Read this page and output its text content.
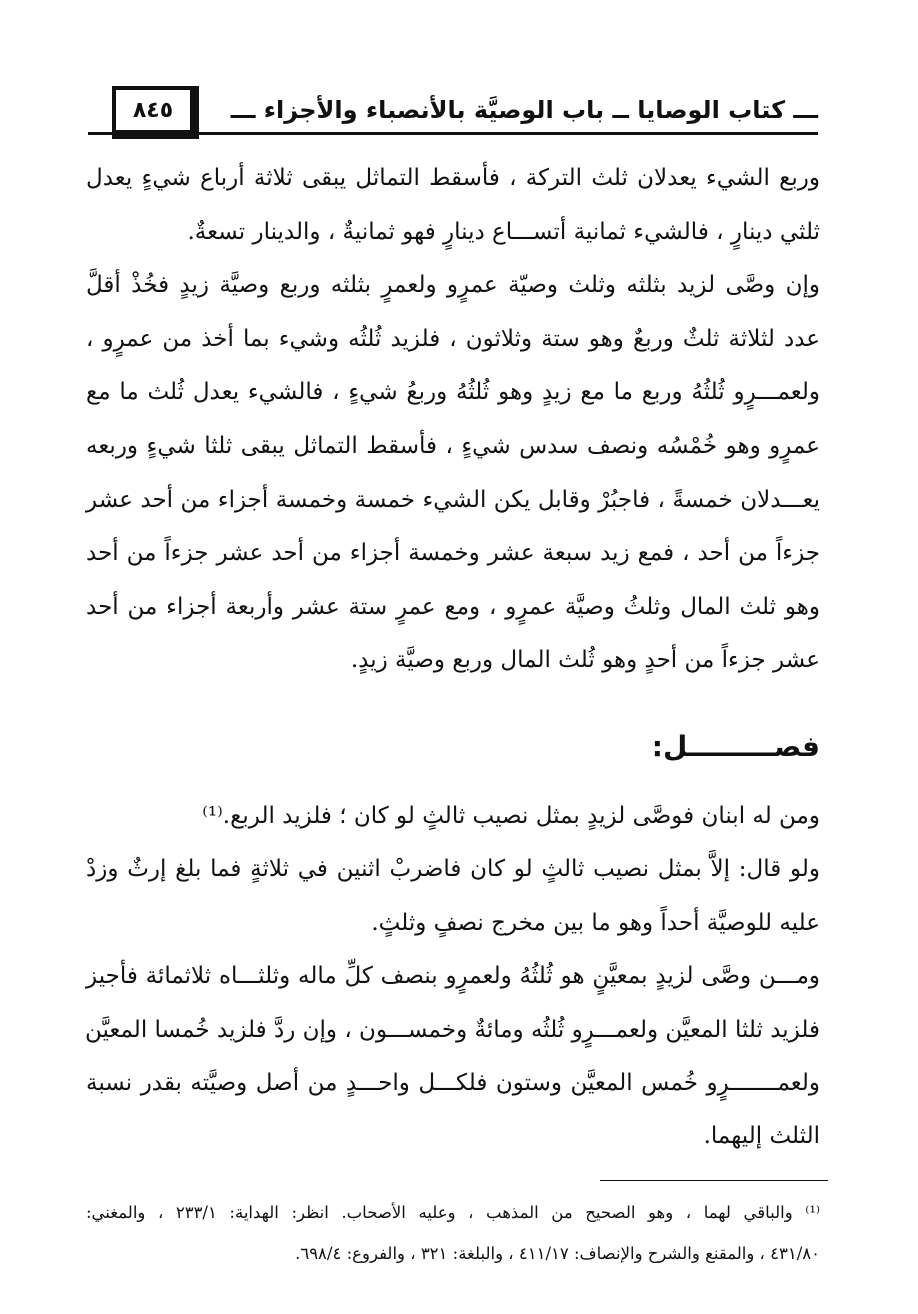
ـــ كتاب الوصايا ــ باب الوصيَّة بالأنصباء والأجزاء ـــ
٨٤٥
وربع الشيء يعدلان ثلث التركة ، فأسقط التماثل يبقى ثلاثة أرباع شيءٍ يعدل
ثلثي دينارٍ ، فالشيء ثمانية أتســـاع دينارٍ فهو ثمانيةٌ ، والدينار تسعةٌ.
وإن وصَّى لزيد بثلثه وثلث وصيّة عمرٍو ولعمرٍ بثلثه وربع وصيَّة زيدٍ فخُذْ أقلَّ
عدد لثلاثة ثلثٌ وربعٌ وهو ستة وثلاثون ، فلزيد ثُلثُه وشيء بما أخذ من عمرٍو ،
ولعمـــرٍو ثُلثُهُ وربع ما مع زيدٍ وهو ثُلثُهُ وربعُ شيءٍ ، فالشيء يعدل ثُلث ما مع
عمرٍو وهو خُمْسُه ونصف سدس شيءٍ ، فأسقط التماثل يبقى ثلثا شيءٍ وربعه
يعـــدلان خمسةً ، فاجبُرْ وقابل يكن الشيء خمسة وخمسة أجزاء من أحد عشر
جزءاً من أحد ، فمع زيد سبعة عشر وخمسة أجزاء من أحد عشر جزءاً من أحد
وهو ثلث المال وثلثُ وصيَّة عمرٍو ، ومع عمرٍ ستة عشر وأربعة أجزاء من أحد
عشر جزءاً من أحدٍ وهو ثُلث المال وربع وصيَّة زيدٍ.
فصـــــــــل:
ومن له ابنان فوصَّى لزيدٍ بمثل نصيب ثالثٍ لو كان ؛ فلزيد الربع.⁽¹⁾
ولو قال: إلاَّ بمثل نصيب ثالثٍ لو كان فاضربْ اثنين في ثلاثةٍ فما بلغ إرثٌ وزدْ
عليه للوصيَّة أحداً وهو ما بين مخرج نصفٍ وثلثٍ.
ومـــن وصَّى لزيدٍ بمعيَّنٍ هو ثُلثُهُ ولعمرٍو بنصف كلِّ ماله وثلثـــاه ثلاثمائة فأجيز
فلزيد ثلثا المعيَّن ولعمـــرٍو ثُلثُه ومائةٌ وخمســـون ، وإن ردَّ فلزيد خُمسا المعيَّن
ولعمـــــــرٍو خُمس المعيَّن وستون فلكـــل واحـــدٍ من أصل وصيَّته بقدر نسبة
الثلث إليهما.
⁽¹⁾ والباقي لهما ، وهو الصحيح من المذهب ، وعليه الأصحاب. انظر: الهداية: ٢٣٣/١ ، والمغني:
٤٣١/٨٠ ، والمقنع والشرح والإنصاف: ٤١١/١٧ ، والبلغة: ٣٢١ ، والفروع: ٦٩٨/٤.
